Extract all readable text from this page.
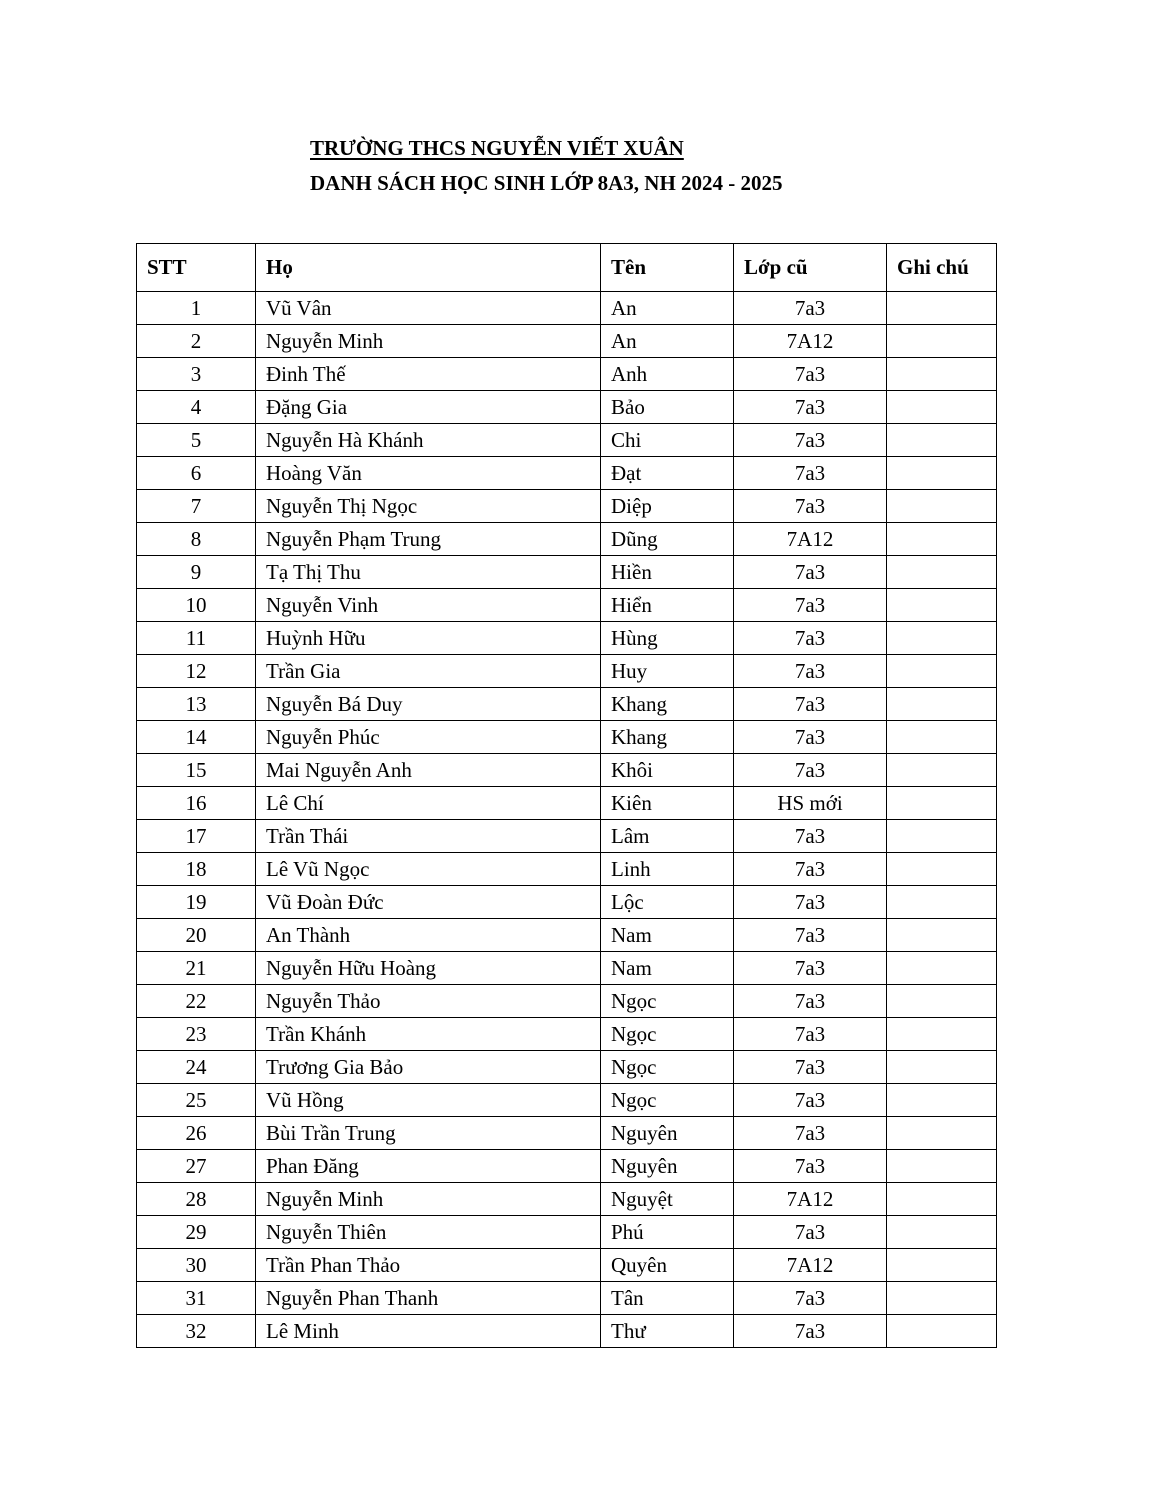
TRƯỜNG THCS NGUYỄN VIẾT XUÂN
DANH SÁCH HỌC SINH LỚP 8A3, NH 2024 - 2025
STT	Họ	Tên	Lớp cũ	Ghi chú
1	Vũ Vân	An	7a3	
2	Nguyễn Minh	An	7A12	
3	Đinh Thế	Anh	7a3	
4	Đặng Gia	Bảo	7a3	
5	Nguyễn Hà Khánh	Chi	7a3	
6	Hoàng Văn	Đạt	7a3	
7	Nguyễn Thị Ngọc	Diệp	7a3	
8	Nguyễn Phạm Trung	Dũng	7A12	
9	Tạ Thị Thu	Hiền	7a3	
10	Nguyễn Vinh	Hiển	7a3	
11	Huỳnh Hữu	Hùng	7a3	
12	Trần Gia	Huy	7a3	
13	Nguyễn Bá Duy	Khang	7a3	
14	Nguyễn Phúc	Khang	7a3	
15	Mai Nguyễn Anh	Khôi	7a3	
16	Lê Chí	Kiên	HS mới	
17	Trần Thái	Lâm	7a3	
18	Lê Vũ Ngọc	Linh	7a3	
19	Vũ Đoàn Đức	Lộc	7a3	
20	An Thành	Nam	7a3	
21	Nguyễn Hữu Hoàng	Nam	7a3	
22	Nguyễn Thảo	Ngọc	7a3	
23	Trần Khánh	Ngọc	7a3	
24	Trương Gia Bảo	Ngọc	7a3	
25	Vũ Hồng	Ngọc	7a3	
26	Bùi Trần Trung	Nguyên	7a3	
27	Phan Đăng	Nguyên	7a3	
28	Nguyễn Minh	Nguyệt	7A12	
29	Nguyễn Thiên	Phú	7a3	
30	Trần Phan Thảo	Quyên	7A12	
31	Nguyễn Phan Thanh	Tân	7a3	
32	Lê Minh	Thư	7a3	
